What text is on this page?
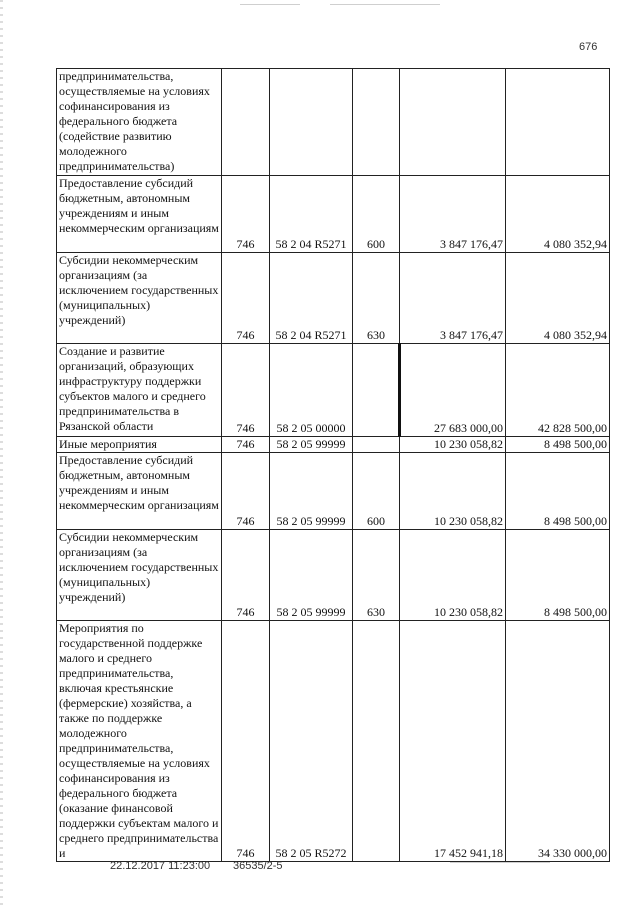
676
предпринимательства, осуществляемые на условиях софинансирования из федерального бюджета (содействие развитию молодежного предпринимательства)					

Предоставление субсидий бюджетным, автономным учреждениям и иным некоммерческим организациям	746	58 2 04 R5271	600	3 847 176,47	4 080 352,94

Субсидии некоммерческим организациям (за исключением государственных (муниципальных) учреждений)	746	58 2 04 R5271	630	3 847 176,47	4 080 352,94

Создание и развитие организаций, образующих инфраструктуру поддержки субъектов малого и среднего предпринимательства в Рязанской области	746	58 2 05 00000		27 683 000,00	42 828 500,00

Иные мероприятия	746	58 2 05 99999		10 230 058,82	8 498 500,00

Предоставление субсидий бюджетным, автономным учреждениям и иным некоммерческим организациям	746	58 2 05 99999	600	10 230 058,82	8 498 500,00

Субсидии некоммерческим организациям (за исключением государственных (муниципальных) учреждений)	746	58 2 05 99999	630	10 230 058,82	8 498 500,00

Мероприятия по государственной поддержке малого и среднего предпринимательства, включая крестьянские (фермерские) хозяйства, а также по поддержке молодежного предпринимательства, осуществляемые на условиях софинансирования из федерального бюджета (оказание финансовой поддержки субъектам малого и среднего предпринимательства и	746	58 2 05 R5272		17 452 941,18	34 330 000,00
22.12.2017 11:23:00 36535/2-5
